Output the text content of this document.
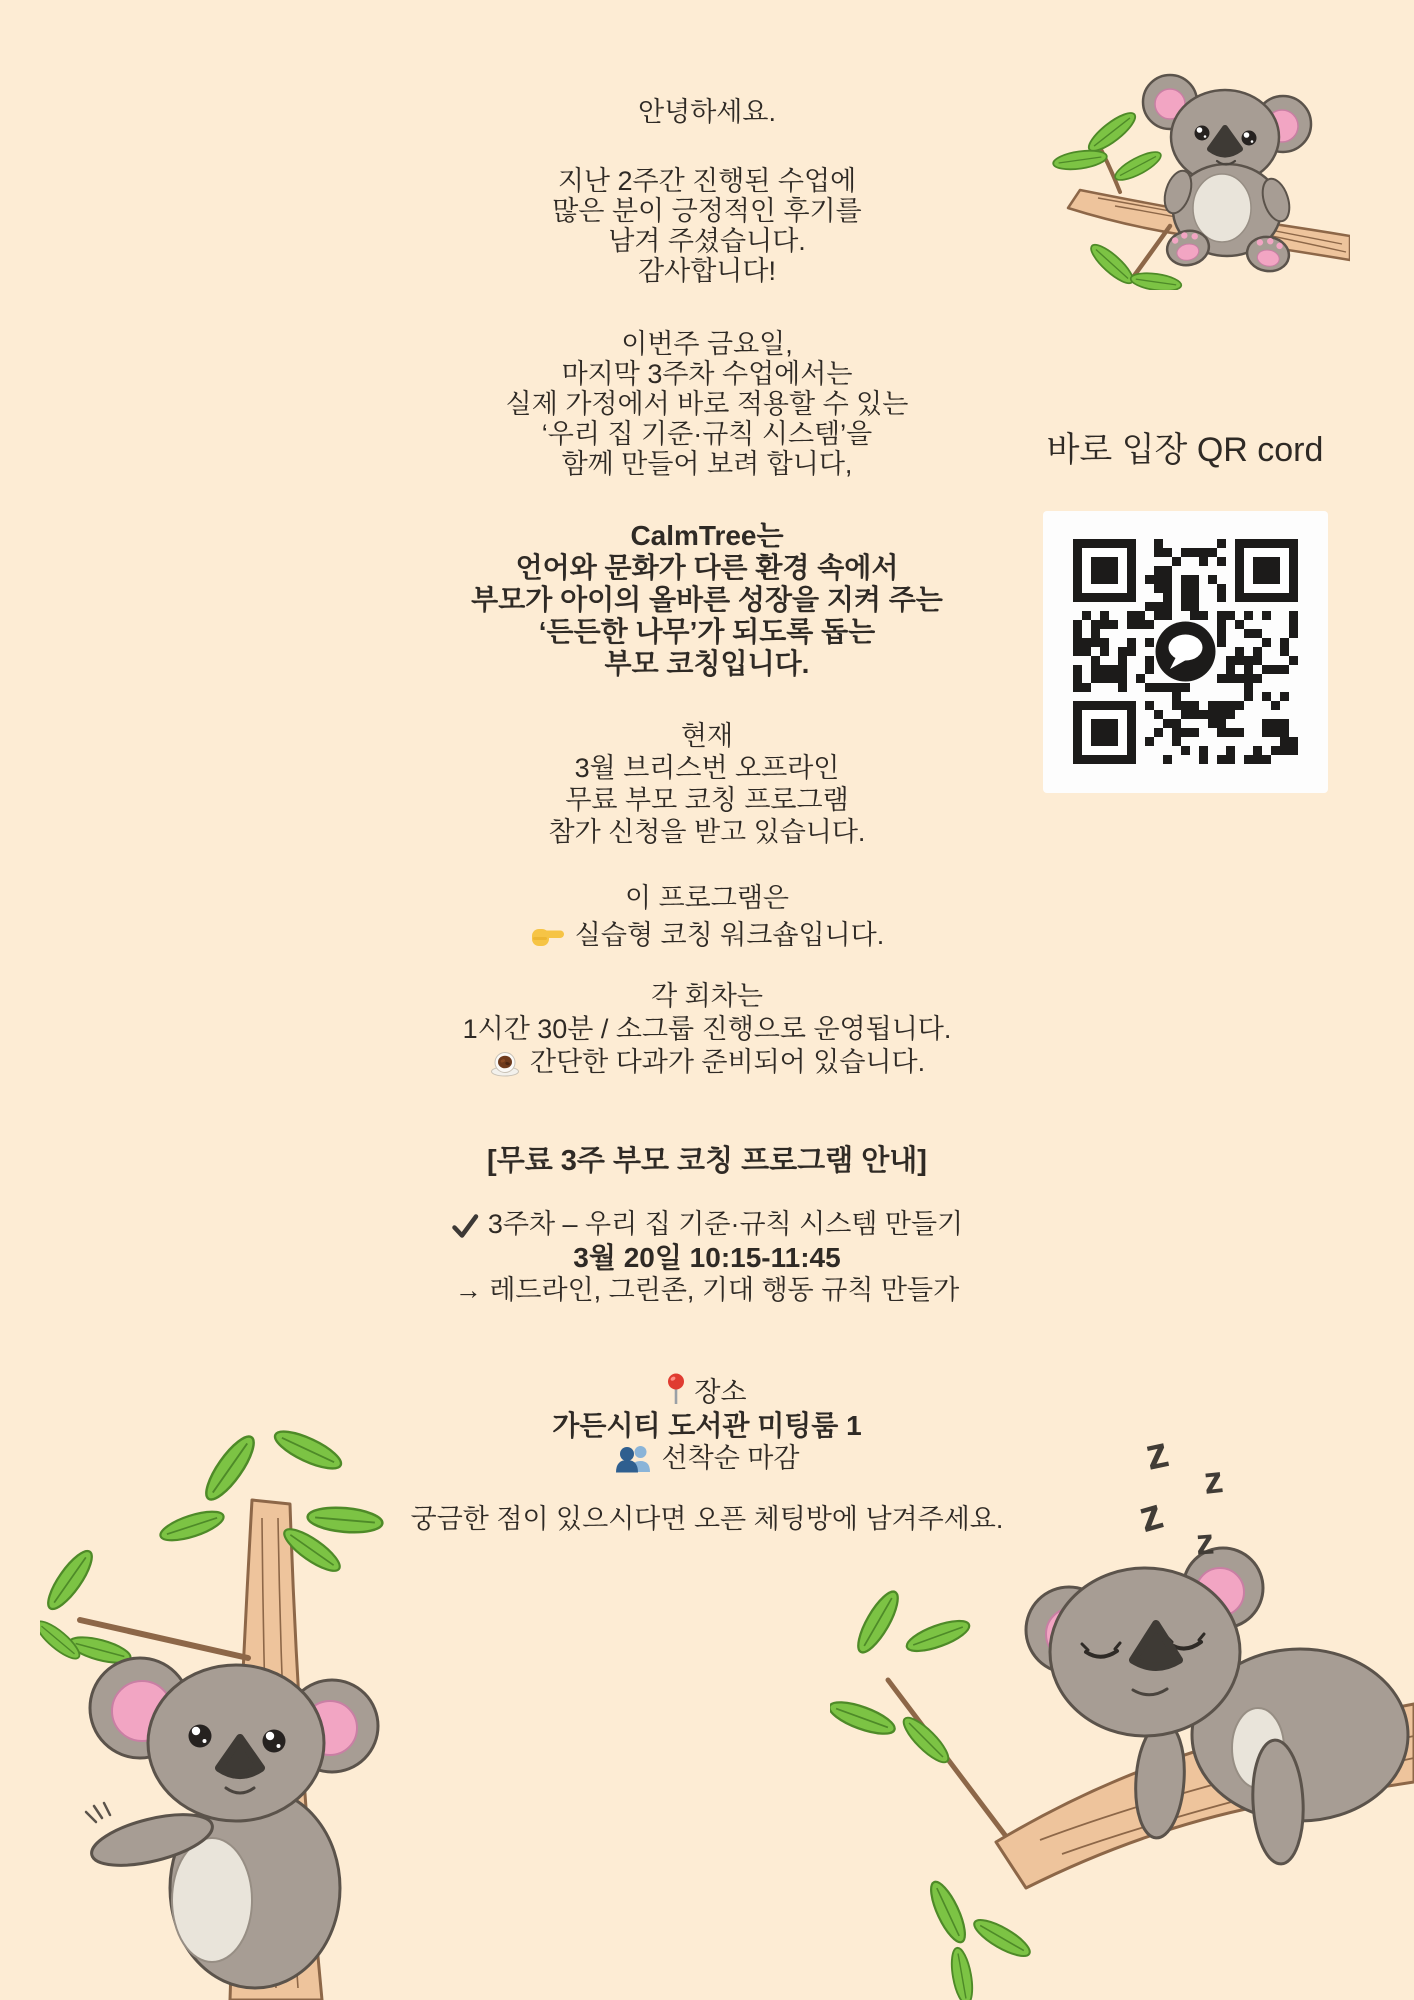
안녕하세요.
지난 2주간 진행된 수업에
많은 분이 긍정적인 후기를
남겨 주셨습니다.
감사합니다!
이번주 금요일,
마지막 3주차 수업에서는
실제 가정에서 바로 적용할 수 있는
‘우리 집 기준·규칙 시스템’을
함께 만들어 보려 합니다,
CalmTree는
언어와 문화가 다른 환경 속에서
부모가 아이의 올바른 성장을 지켜 주는
‘든든한 나무’가 되도록 돕는
부모 코칭입니다.
현재
3월 브리스번 오프라인
무료 부모 코칭 프로그램
참가 신청을 받고 있습니다.
이 프로그램은
실습형 코칭 워크숍입니다.
각 회차는
1시간 30분 / 소그룹 진행으로 운영됩니다.
간단한 다과가 준비되어 있습니다.
[무료 3주 부모 코칭 프로그램 안내]
3주차 – 우리 집 기준·규칙 시스템 만들기
3월 20일 10:15-11:45
→ 레드라인, 그린존, 기대 행동 규칙 만들가
장소
가든시티 도서관 미팅룸 1
선착순 마감
궁금한 점이 있으시다면 오픈 체팅방에 남겨주세요.
바로 입장 QR cord
z
z
z z
